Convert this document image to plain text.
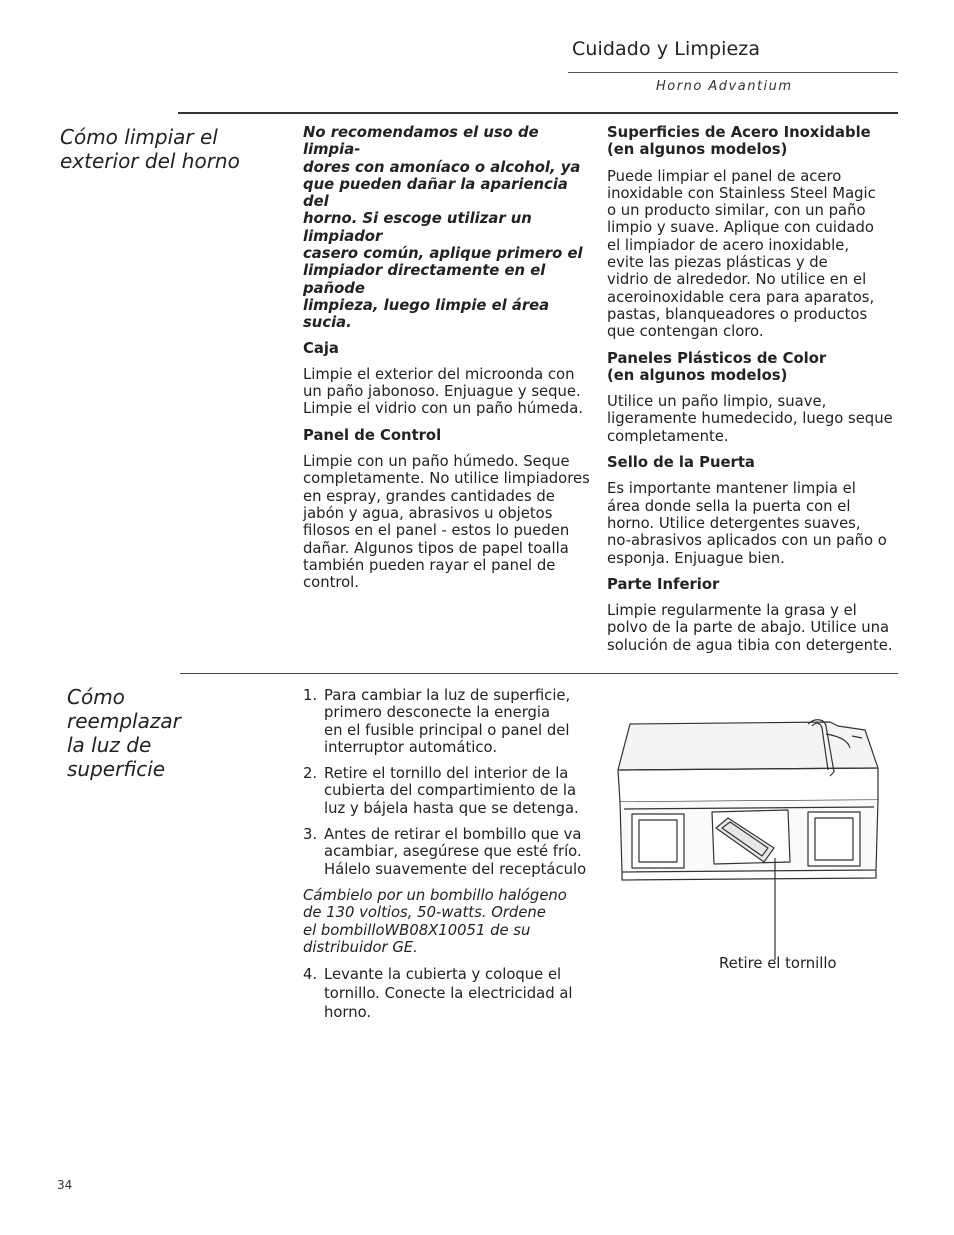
Cuidado y Limpieza
Horno Advantium
Cómo limpiar el
exterior del horno
No recomendamos el uso de limpia-
dores con amoníaco o alcohol, ya
que pueden dañar la apariencia del
horno. Si escoge utilizar un limpiador
casero común, aplique primero el
limpiador directamente en el pañode
limpieza, luego limpie el área sucia.
Caja
Limpie el exterior del microonda con
un paño jabonoso. Enjuague y seque.
Limpie el vidrio con un paño húmeda.
Panel de Control
Limpie con un paño húmedo. Seque
completamente. No utilice limpiadores
en espray, grandes cantidades de
jabón y agua, abrasivos u objetos
filosos en el panel - estos lo pueden
dañar. Algunos tipos de papel toalla
también pueden rayar el panel de
control.
Superficies de Acero Inoxidable
(en algunos modelos)
Puede limpiar el panel de acero
inoxidable con Stainless Steel Magic
o un producto similar, con un paño
limpio y suave. Aplique con cuidado
el limpiador de acero inoxidable,
evite las piezas plásticas y de
vidrio de alrededor. No utilice en el
aceroinoxidable cera para aparatos,
pastas, blanqueadores o productos
que contengan cloro.
Paneles Plásticos de Color
(en algunos modelos)
Utilice un paño limpio, suave,
ligeramente humedecido, luego seque
completamente.
Sello de la Puerta
Es importante mantener limpia el
área donde sella la puerta con el
horno. Utilice detergentes suaves,
no-abrasivos aplicados con un paño o
esponja. Enjuague bien.
Parte Inferior
Limpie regularmente la grasa y el
polvo de la parte de abajo. Utilice una
solución de agua tibia con detergente.
Cómo
reemplazar
la luz de
superficie
1. Para cambiar la luz de superficie,
primero desconecte la energia
en el fusible principal o panel del
interruptor automático.
2. Retire el tornillo del interior de la
cubierta del compartimiento de la
luz y bájela hasta que se detenga.
3. Antes de retirar el bombillo que va
acambiar, asegúrese que esté frío.
Hálelo suavemente del receptáculo
Cámbielo por un bombillo halógeno
de 130 voltios, 50-watts. Ordene
el bombilloWB08X10051 de su
distribuidor GE.
4. Levante la cubierta y coloque el
tornillo. Conecte la electricidad al
horno.
Retire el tornillo
34
